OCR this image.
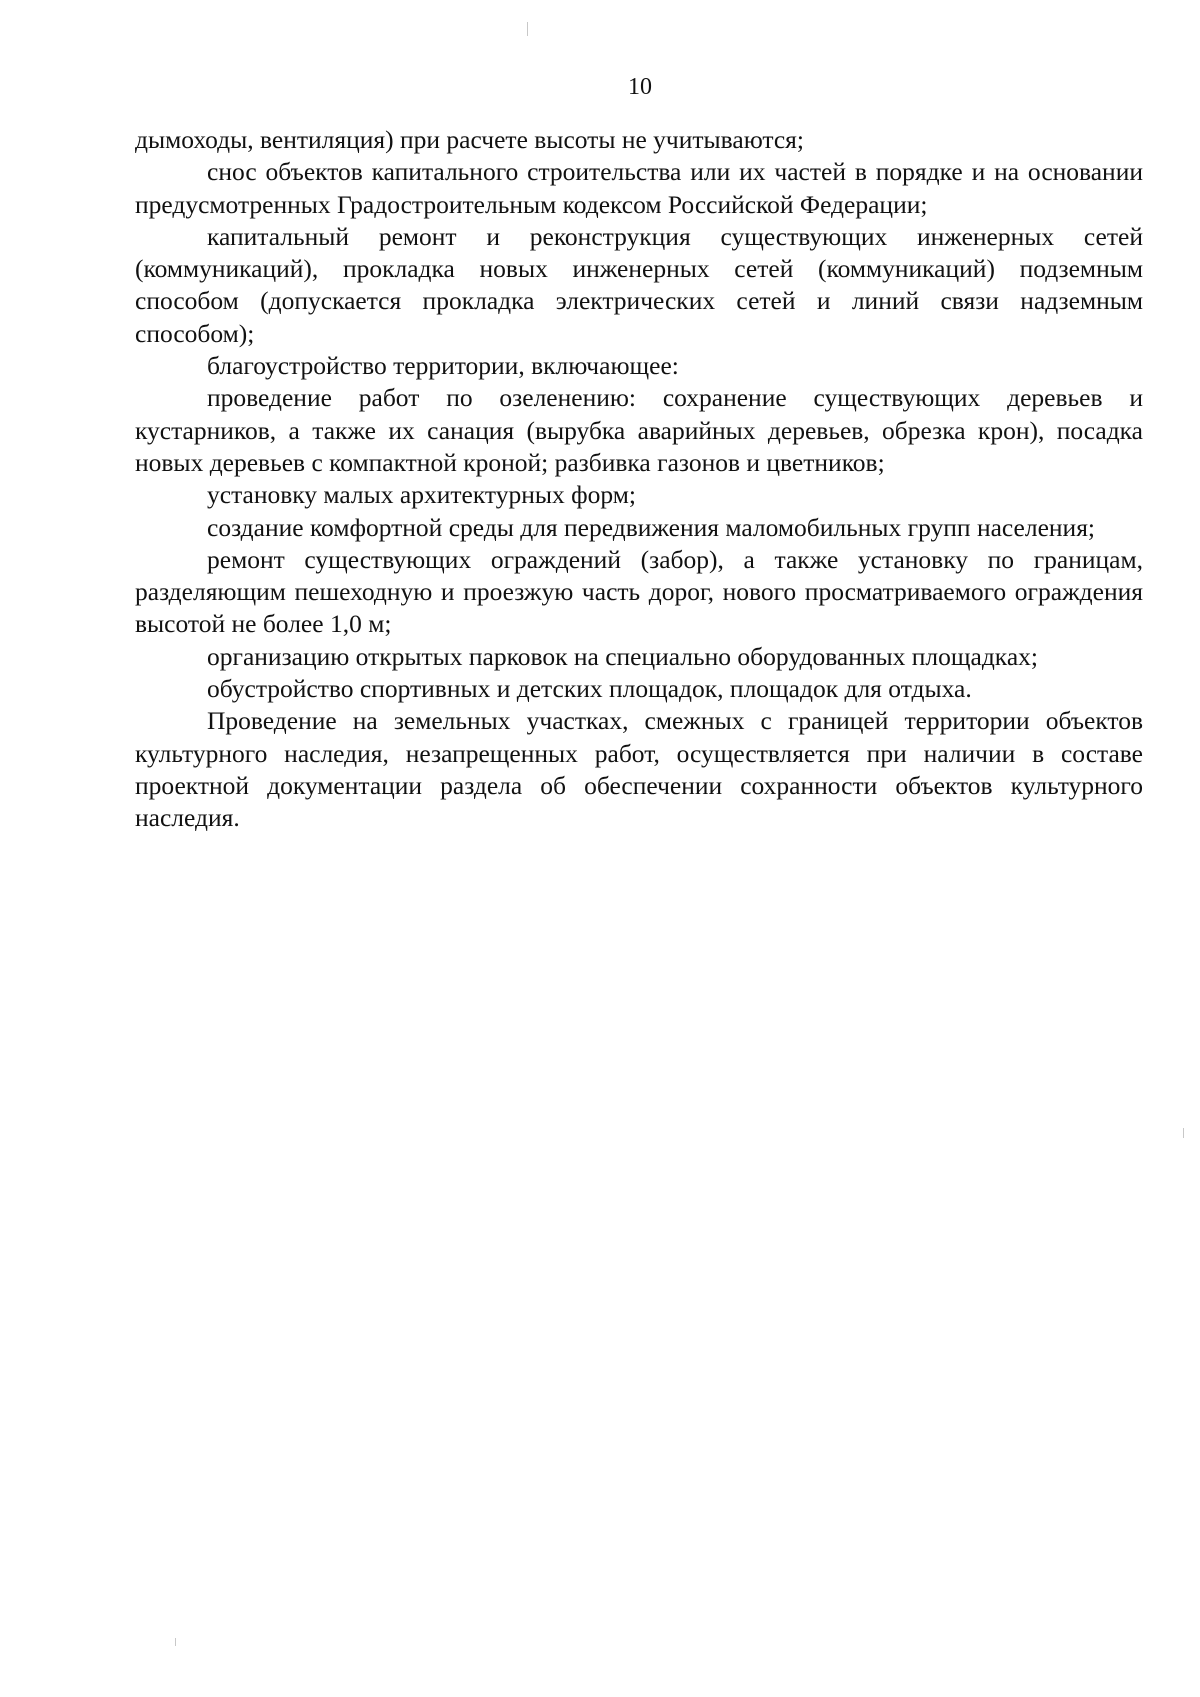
10

дымоходы, вентиляция) при расчете высоты не учитываются;

снос объектов капитального строительства или их частей в порядке и на основании предусмотренных Градостроительным кодексом Российской Федерации;

капитальный ремонт и реконструкция существующих инженерных сетей (коммуникаций), прокладка новых инженерных сетей (коммуникаций) подземным способом (допускается прокладка электрических сетей и линий связи надземным способом);

благоустройство территории, включающее:

проведение работ по озеленению: сохранение существующих деревьев и кустарников, а также их санация (вырубка аварийных деревьев, обрезка крон), посадка новых деревьев с компактной кроной; разбивка газонов и цветников;

установку малых архитектурных форм;

создание комфортной среды для передвижения маломобильных групп населения;

ремонт существующих ограждений (забор), а также установку по границам, разделяющим пешеходную и проезжую часть дорог, нового просматриваемого ограждения высотой не более 1,0 м;

организацию открытых парковок на специально оборудованных площадках;

обустройство спортивных и детских площадок, площадок для отдыха.

Проведение на земельных участках, смежных с границей территории объектов культурного наследия, незапрещенных работ, осуществляется при наличии в составе проектной документации раздела об обеспечении сохранности объектов культурного наследия.
